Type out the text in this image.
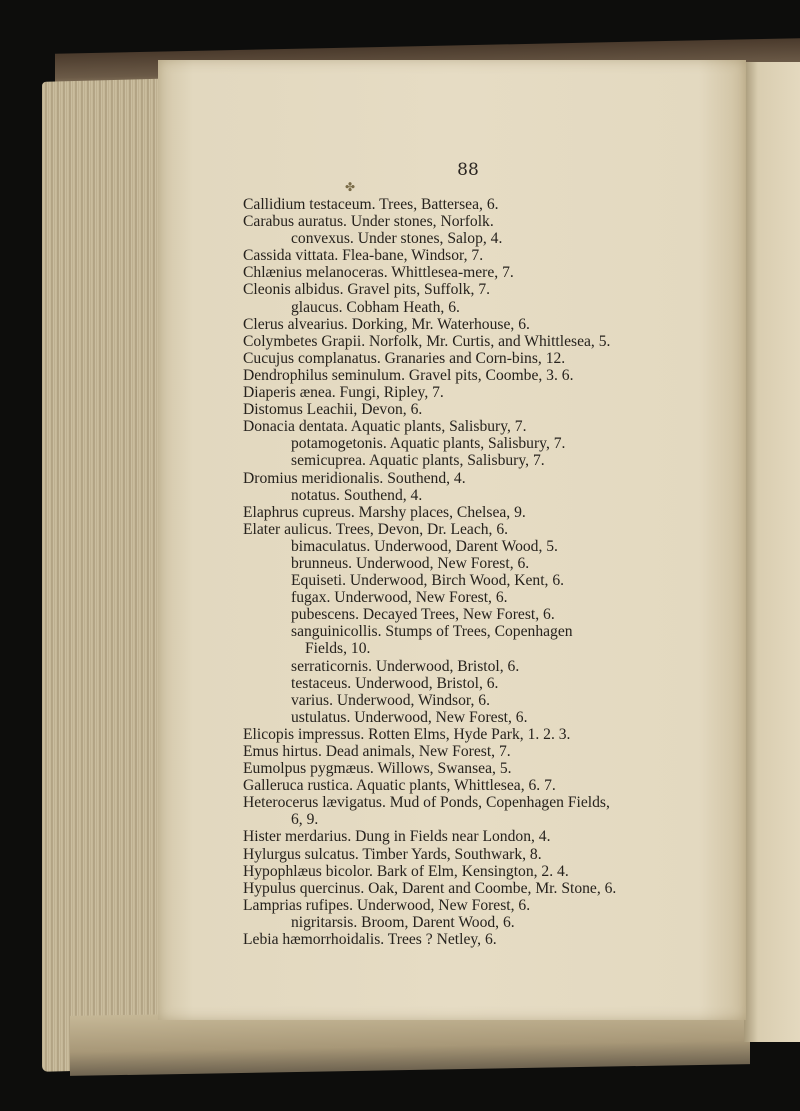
88
✤
Callidium testaceum. Trees, Battersea, 6.
Carabus auratus. Under stones, Norfolk.
convexus. Under stones, Salop, 4.
Cassida vittata. Flea-bane, Windsor, 7.
Chlænius melanoceras. Whittlesea-mere, 7.
Cleonis albidus. Gravel pits, Suffolk, 7.
glaucus. Cobham Heath, 6.
Clerus alvearius. Dorking, Mr. Waterhouse, 6.
Colymbetes Grapii. Norfolk, Mr. Curtis, and Whittlesea, 5.
Cucujus complanatus. Granaries and Corn-bins, 12.
Dendrophilus seminulum. Gravel pits, Coombe, 3. 6.
Diaperis ænea. Fungi, Ripley, 7.
Distomus Leachii, Devon, 6.
Donacia dentata. Aquatic plants, Salisbury, 7.
potamogetonis. Aquatic plants, Salisbury, 7.
semicuprea. Aquatic plants, Salisbury, 7.
Dromius meridionalis. Southend, 4.
notatus. Southend, 4.
Elaphrus cupreus. Marshy places, Chelsea, 9.
Elater aulicus. Trees, Devon, Dr. Leach, 6.
bimaculatus. Underwood, Darent Wood, 5.
brunneus. Underwood, New Forest, 6.
Equiseti. Underwood, Birch Wood, Kent, 6.
fugax. Underwood, New Forest, 6.
pubescens. Decayed Trees, New Forest, 6.
sanguinicollis. Stumps of Trees, Copenhagen
Fields, 10.
serraticornis. Underwood, Bristol, 6.
testaceus. Underwood, Bristol, 6.
varius. Underwood, Windsor, 6.
ustulatus. Underwood, New Forest, 6.
Elicopis impressus. Rotten Elms, Hyde Park, 1. 2. 3.
Emus hirtus. Dead animals, New Forest, 7.
Eumolpus pygmæus. Willows, Swansea, 5.
Galleruca rustica. Aquatic plants, Whittlesea, 6. 7.
Heterocerus lævigatus. Mud of Ponds, Copenhagen Fields,
6, 9.
Hister merdarius. Dung in Fields near London, 4.
Hylurgus sulcatus. Timber Yards, Southwark, 8.
Hypophlæus bicolor. Bark of Elm, Kensington, 2. 4.
Hypulus quercinus. Oak, Darent and Coombe, Mr. Stone, 6.
Lamprias rufipes. Underwood, New Forest, 6.
nigritarsis. Broom, Darent Wood, 6.
Lebia hæmorrhoidalis. Trees ? Netley, 6.
